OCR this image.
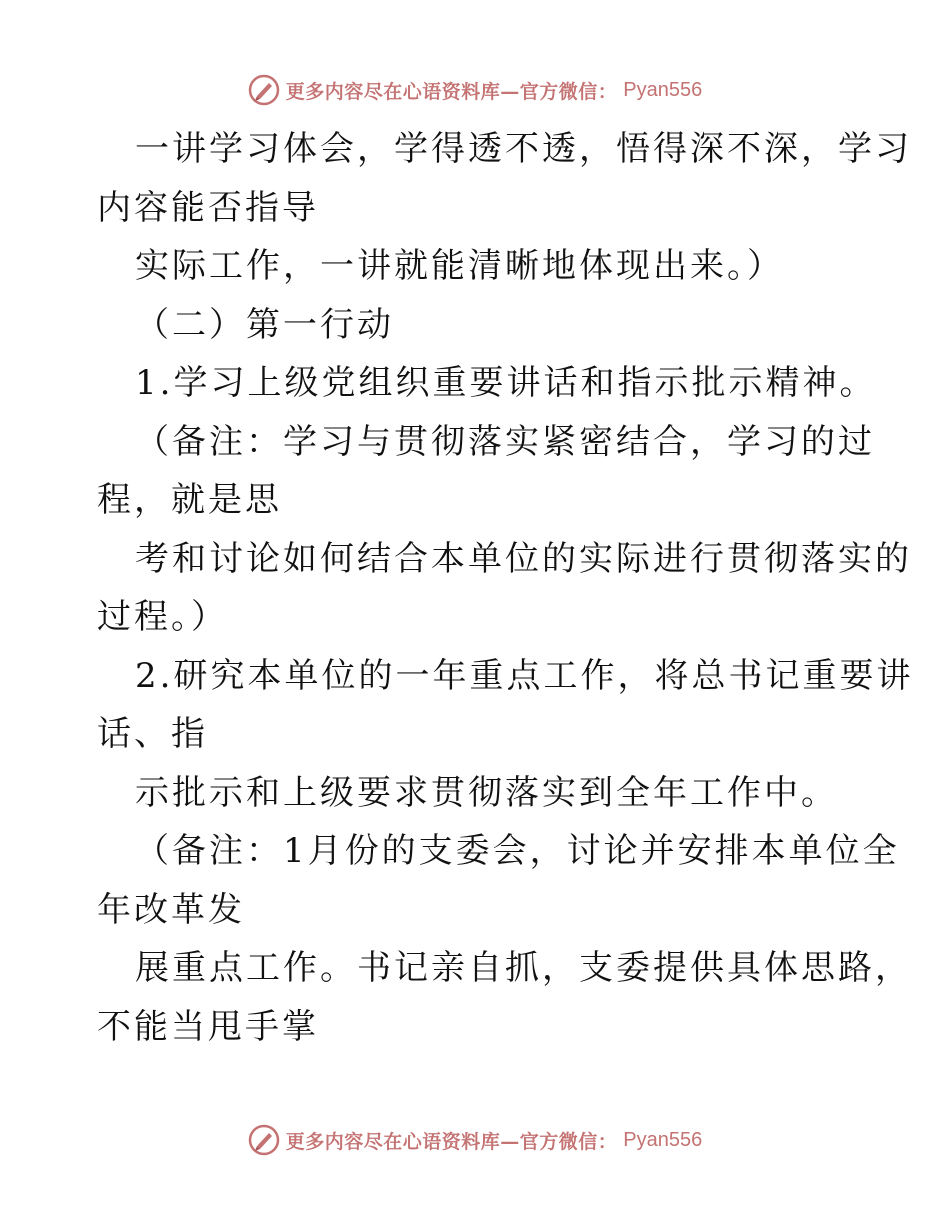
更多内容尽在心语资料库—官方微信： Pyan556
一讲学习体会，学得透不透，悟得深不深，学习
内容能否指导
实际工作，一讲就能清晰地体现出来。）
（二）第一行动
1.学习上级党组织重要讲话和指示批示精神。
（备注：学习与贯彻落实紧密结合，学习的过
程，就是思
考和讨论如何结合本单位的实际进行贯彻落实的
过程。）
2.研究本单位的一年重点工作，将总书记重要讲
话、指
示批示和上级要求贯彻落实到全年工作中。
（备注：1月份的支委会，讨论并安排本单位全
年改革发
展重点工作。书记亲自抓，支委提供具体思路，
不能当甩手掌
更多内容尽在心语资料库—官方微信： Pyan556
